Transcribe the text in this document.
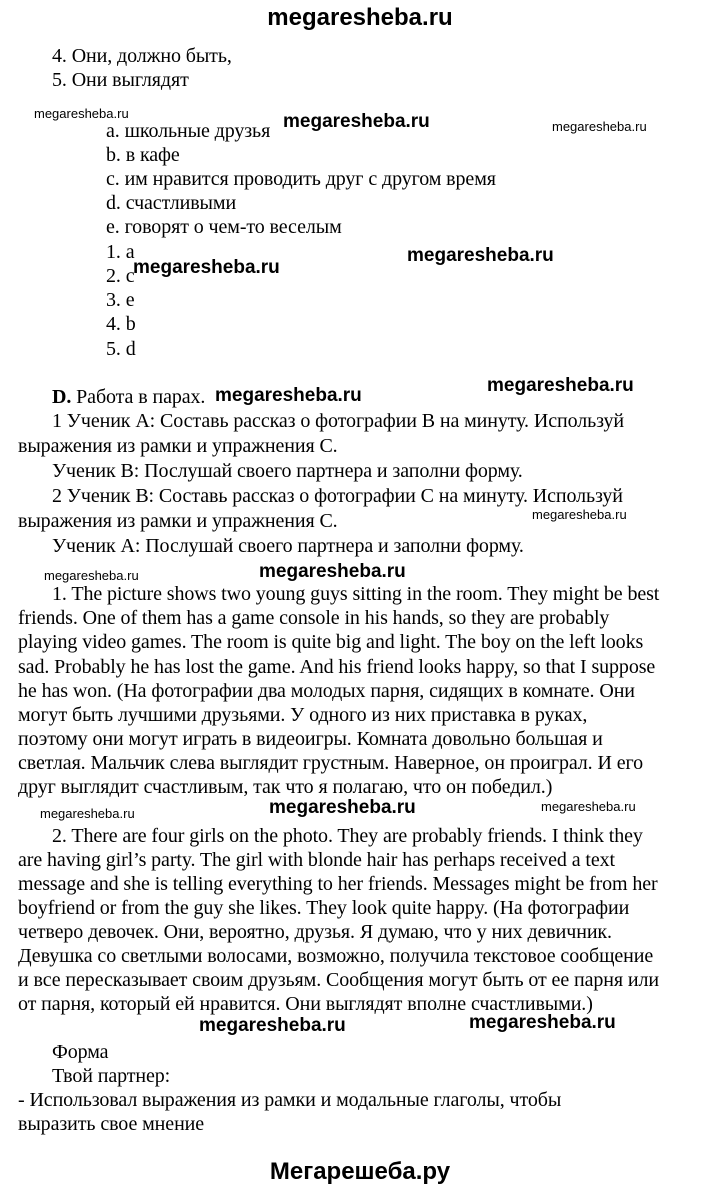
megaresheba.ru
4. Они, должно быть,
5. Они выглядят
a. школьные друзья
b. в кафе
c. им нравится проводить друг с другом время
d. счастливыми
e. говорят о чем-то веселым
1. a
2. c
3. e
4. b
5. d
D. Работа в парах.
1 Ученик А: Составь рассказ о фотографии В на минуту. Используй
выражения из рамки и упражнения С.
Ученик В: Послушай своего партнера и заполни форму.
2 Ученик В: Составь рассказ о фотографии С на минуту. Используй
выражения из рамки и упражнения С.
Ученик А: Послушай своего партнера и заполни форму.
1. The picture shows two young guys sitting in the room. They might be best
friends. One of them has a game console in his hands, so they are probably
playing video games. The room is quite big and light. The boy on the left looks
sad. Probably he has lost the game. And his friend looks happy, so that I suppose
he has won. (На фотографии два молодых парня, сидящих в комнате. Они
могут быть лучшими друзьями. У одного из них приставка в руках,
поэтому они могут играть в видеоигры. Комната довольно большая и
светлая. Мальчик слева выглядит грустным. Наверное, он проиграл. И его
друг выглядит счастливым, так что я полагаю, что он победил.)
2. There are four girls on the photo. They are probably friends. I think they
are having girl’s party. The girl with blonde hair has perhaps received a text
message and she is telling everything to her friends. Messages might be from her
boyfriend or from the guy she likes. They look quite happy. (На фотографии
четверо девочек. Они, вероятно, друзья. Я думаю, что у них девичник.
Девушка со светлыми волосами, возможно, получила текстовое сообщение
и все пересказывает своим друзьям. Сообщения могут быть от ее парня или
от парня, который ей нравится. Они выглядят вполне счастливыми.)
Форма
Твой партнер:
- Использовал выражения из рамки и модальные глаголы, чтобы
выразить свое мнение
megaresheba.ru
megaresheba.ru
megaresheba.ru
megaresheba.ru	megaresheba.ru
megaresheba.ru
megaresheba.ru
megaresheba.ru	megaresheba.ru
megaresheba.ru
megaresheba.ru
megaresheba.ru
megaresheba.ru
megaresheba.ru	megaresheba.ru
Мегарешеба.ру
